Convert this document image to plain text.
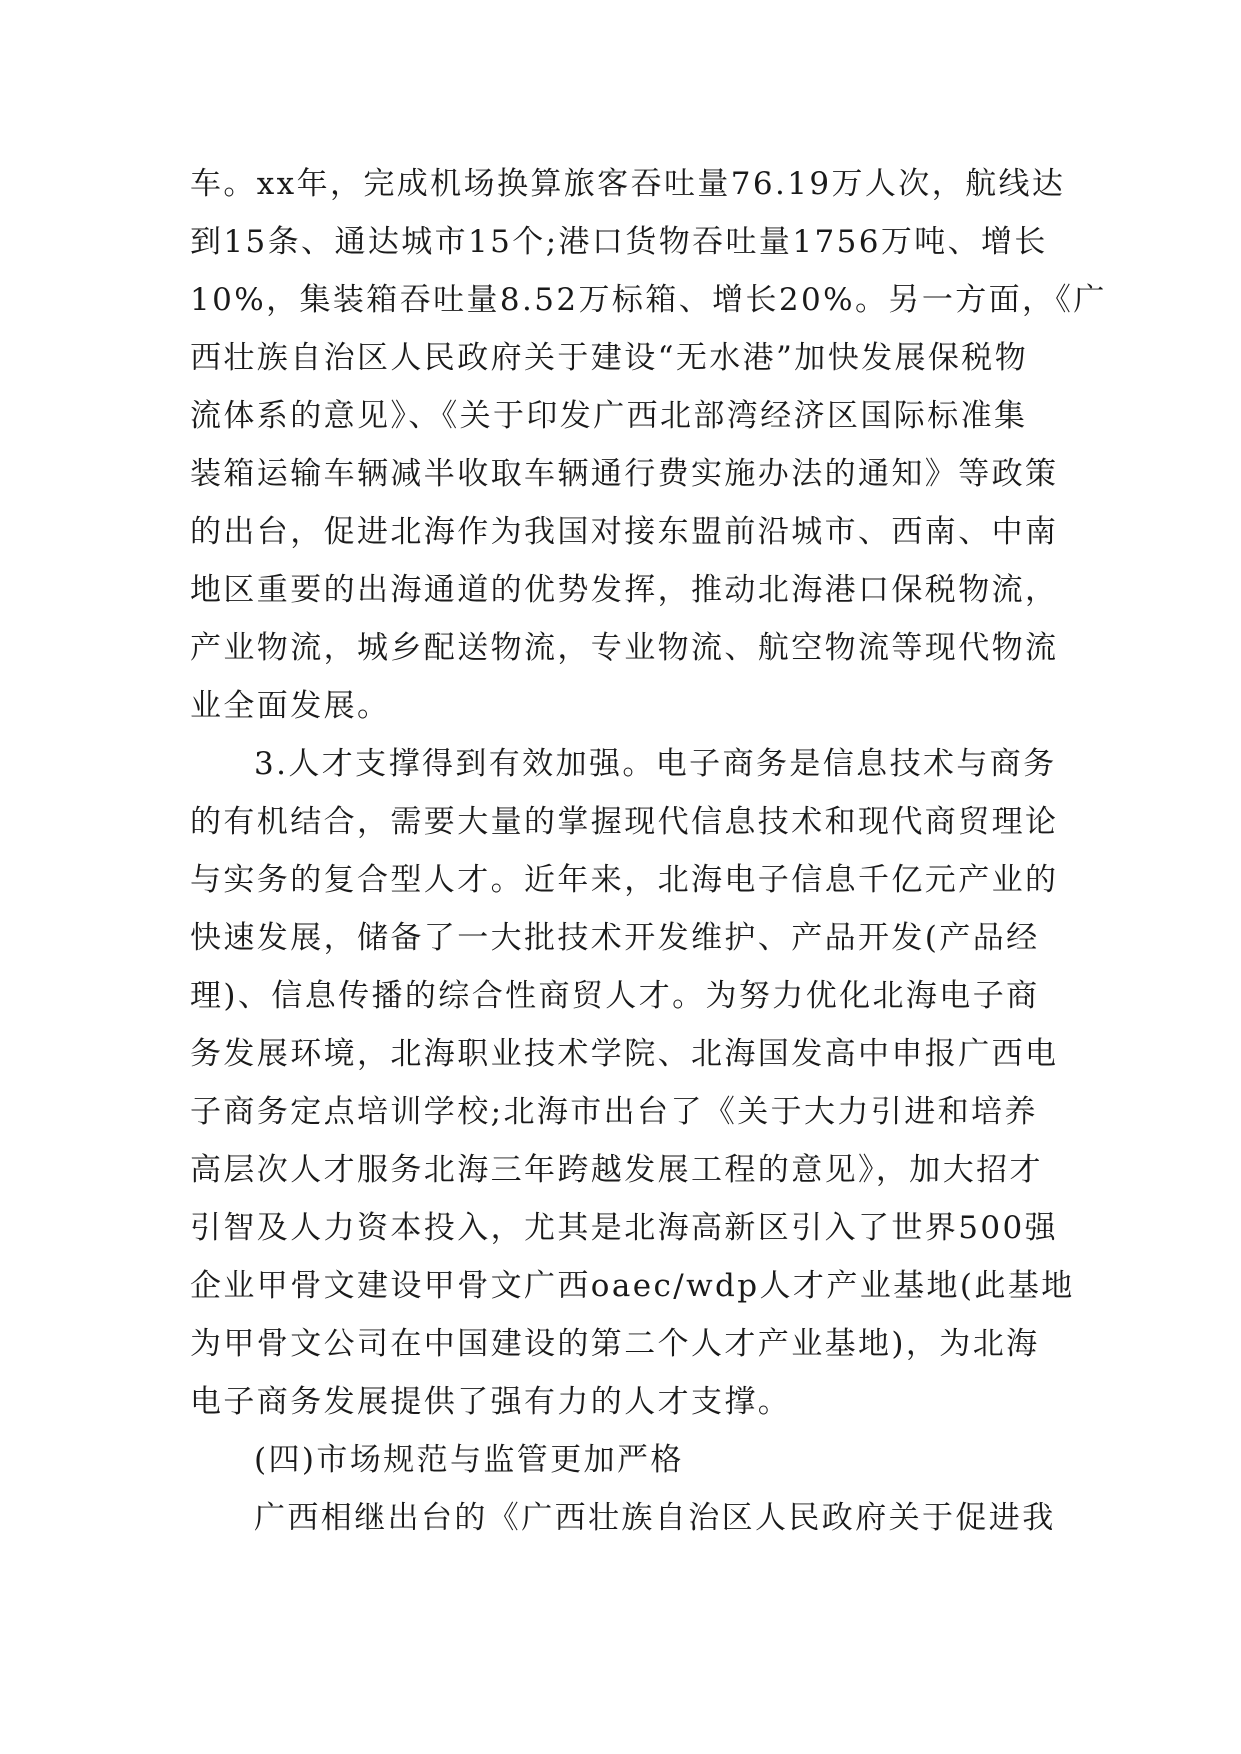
车。xx年，完成机场换算旅客吞吐量76.19万人次，航线达
到15条、通达城市15个;港口货物吞吐量1756万吨、增长
10%，集装箱吞吐量8.52万标箱、增长20%。另一方面，《广
西壮族自治区人民政府关于建设“无水港”加快发展保税物
流体系的意见》、《关于印发广西北部湾经济区国际标准集
装箱运输车辆减半收取车辆通行费实施办法的通知》等政策
的出台，促进北海作为我国对接东盟前沿城市、西南、中南
地区重要的出海通道的优势发挥，推动北海港口保税物流，
产业物流，城乡配送物流，专业物流、航空物流等现代物流
业全面发展。
3.人才支撑得到有效加强。电子商务是信息技术与商务
的有机结合，需要大量的掌握现代信息技术和现代商贸理论
与实务的复合型人才。近年来，北海电子信息千亿元产业的
快速发展，储备了一大批技术开发维护、产品开发(产品经
理)、信息传播的综合性商贸人才。为努力优化北海电子商
务发展环境，北海职业技术学院、北海国发高中申报广西电
子商务定点培训学校;北海市出台了《关于大力引进和培养
高层次人才服务北海三年跨越发展工程的意见》，加大招才
引智及人力资本投入，尤其是北海高新区引入了世界500强
企业甲骨文建设甲骨文广西oaec/wdp人才产业基地(此基地
为甲骨文公司在中国建设的第二个人才产业基地)，为北海
电子商务发展提供了强有力的人才支撑。
(四)市场规范与监管更加严格
广西相继出台的《广西壮族自治区人民政府关于促进我
